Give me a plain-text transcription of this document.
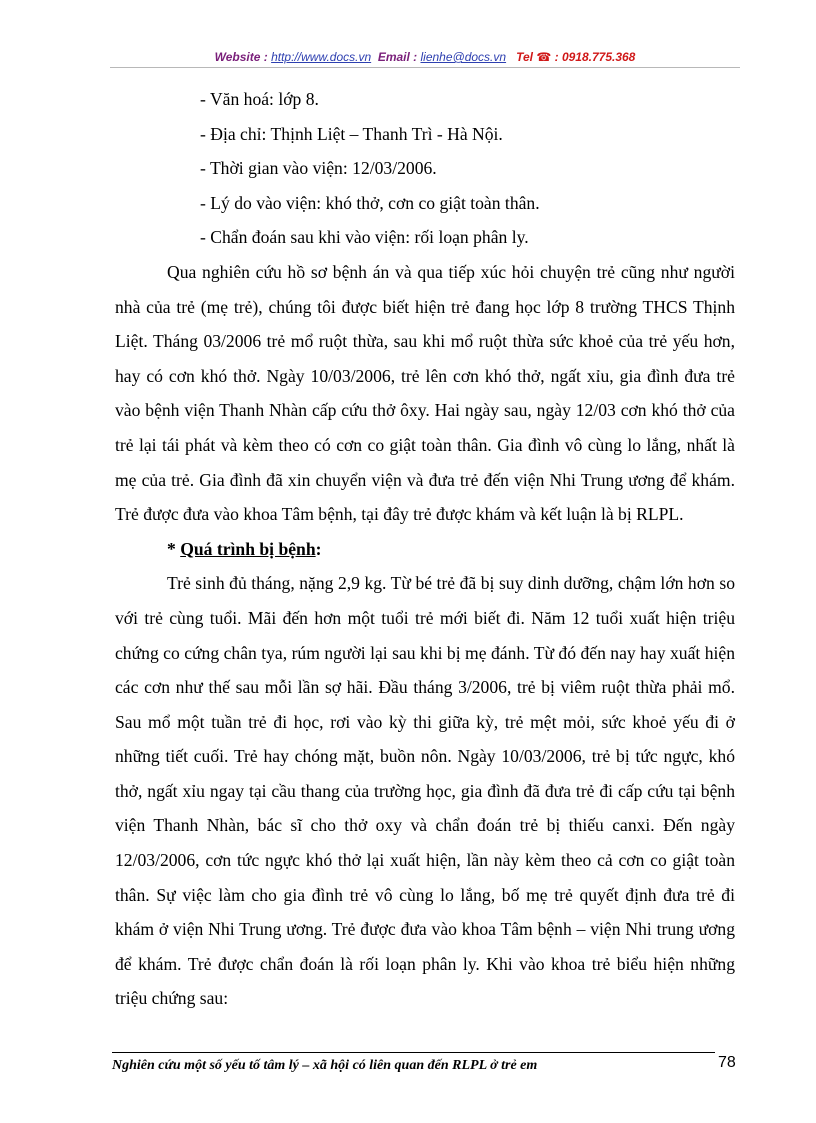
Website : http://www.docs.vn Email : lienhe@docs.vn Tel ☎ : 0918.775.368

- Văn hoá: lớp 8.

- Địa chỉ: Thịnh Liệt – Thanh Trì - Hà Nội.

- Thời gian vào viện: 12/03/2006.

- Lý do vào viện: khó thở, cơn co giật toàn thân.

- Chẩn đoán sau khi vào viện: rối loạn phân ly.

Qua nghiên cứu hồ sơ bệnh án và qua tiếp xúc hỏi chuyện trẻ cũng như người nhà của trẻ (mẹ trẻ), chúng tôi được biết hiện trẻ đang học lớp 8 trường THCS Thịnh Liệt. Tháng 03/2006 trẻ mổ ruột thừa, sau khi mổ ruột thừa sức khoẻ của trẻ yếu hơn, hay có cơn khó thở. Ngày 10/03/2006, trẻ lên cơn khó thở, ngất xỉu, gia đình đưa trẻ vào bệnh viện Thanh Nhàn cấp cứu thở ôxy. Hai ngày sau, ngày 12/03 cơn khó thở của trẻ lại tái phát và kèm theo có cơn co giật toàn thân. Gia đình vô cùng lo lắng, nhất là mẹ của trẻ. Gia đình đã xin chuyển viện và đưa trẻ đến viện Nhi Trung ương để khám. Trẻ được đưa vào khoa Tâm bệnh, tại đây trẻ được khám và kết luận là bị RLPL.

* Quá trình bị bệnh:

Trẻ sinh đủ tháng, nặng 2,9 kg. Từ bé trẻ đã bị suy dinh dưỡng, chậm lớn hơn so với trẻ cùng tuổi. Mãi đến hơn một tuổi trẻ mới biết đi. Năm 12 tuổi xuất hiện triệu chứng co cứng chân tya, rúm người lại sau khi bị mẹ đánh. Từ đó đến nay hay xuất hiện các cơn như thế sau mỗi lần sợ hãi. Đầu tháng 3/2006, trẻ bị viêm ruột thừa phải mổ. Sau mổ một tuần trẻ đi học, rơi vào kỳ thi giữa kỳ, trẻ mệt mỏi, sức khoẻ yếu đi ở những tiết cuối. Trẻ hay chóng mặt, buồn nôn. Ngày 10/03/2006, trẻ bị tức ngực, khó thở, ngất xỉu ngay tại cầu thang của trường học, gia đình đã đưa trẻ đi cấp cứu tại bệnh viện Thanh Nhàn, bác sĩ cho thở oxy và chẩn đoán trẻ bị thiếu canxi. Đến ngày 12/03/2006, cơn tức ngực khó thở lại xuất hiện, lần này kèm theo cả cơn co giật toàn thân. Sự việc làm cho gia đình trẻ vô cùng lo lắng, bố mẹ trẻ quyết định đưa trẻ đi khám ở viện Nhi Trung ương. Trẻ được đưa vào khoa Tâm bệnh – viện Nhi trung ương để khám. Trẻ được chẩn đoán là rối loạn phân ly. Khi vào khoa trẻ biểu hiện những triệu chứng sau:

Nghiên cứu một số yếu tố tâm lý – xã hội có liên quan đến RLPL ở trẻ em	78
